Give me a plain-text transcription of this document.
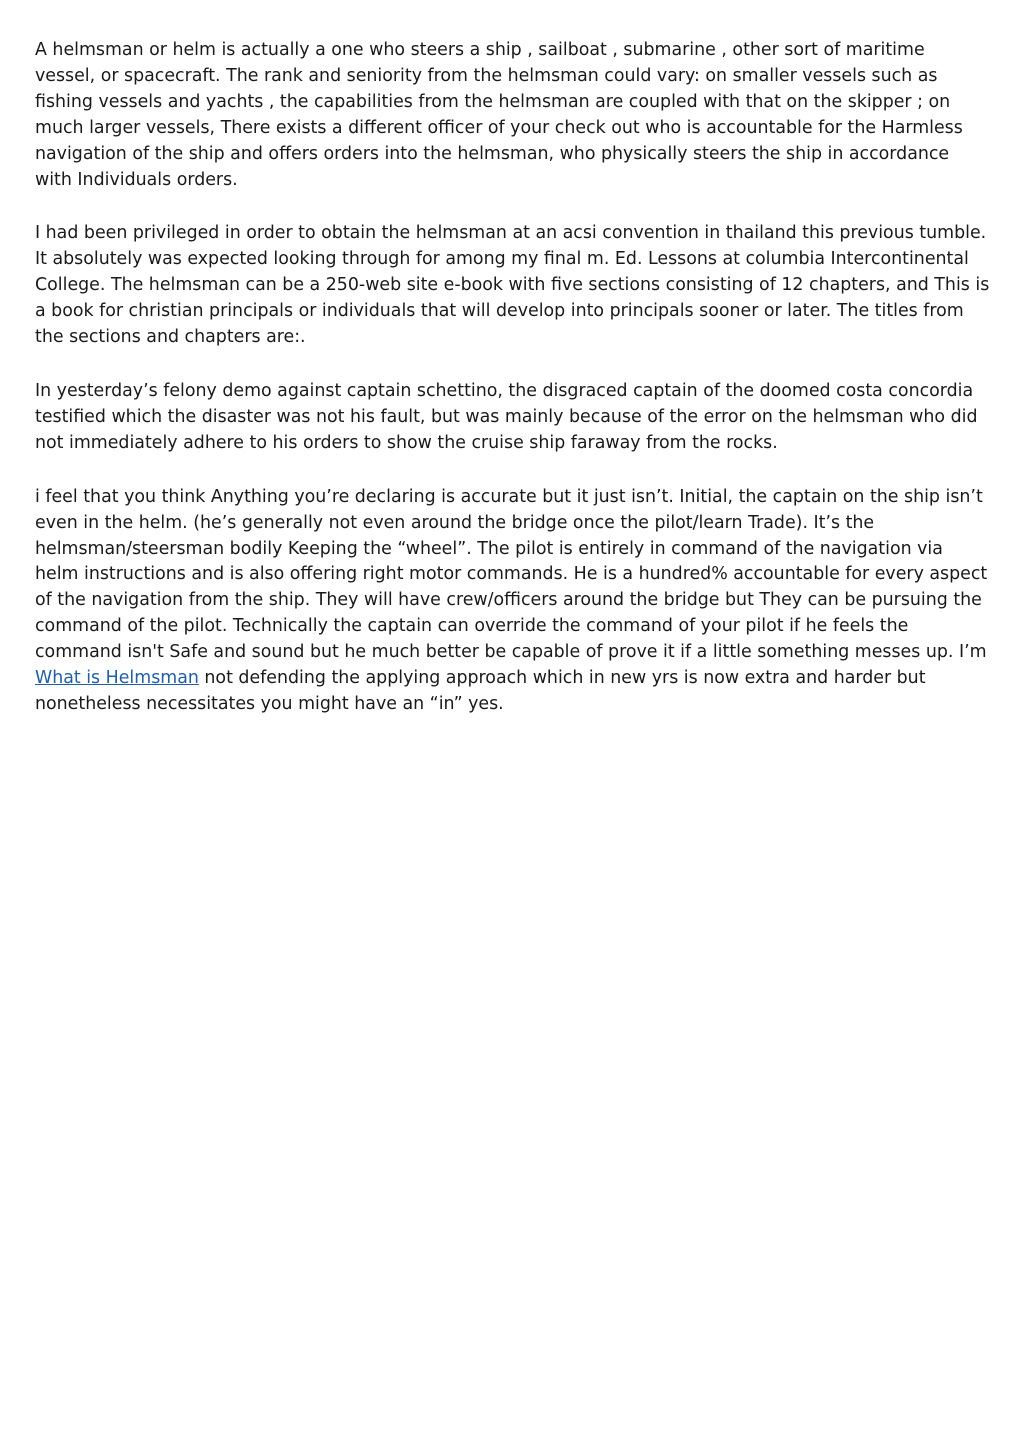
A helmsman or helm is actually a one who steers a ship , sailboat , submarine , other sort of maritime vessel, or spacecraft. The rank and seniority from the helmsman could vary: on smaller vessels such as fishing vessels and yachts , the capabilities from the helmsman are coupled with that on the skipper ; on much larger vessels, There exists a different officer of your check out who is accountable for the Harmless navigation of the ship and offers orders into the helmsman, who physically steers the ship in accordance with Individuals orders.

I had been privileged in order to obtain the helmsman at an acsi convention in thailand this previous tumble. It absolutely was expected looking through for among my final m. Ed. Lessons at columbia Intercontinental College. The helmsman can be a 250-web site e-book with five sections consisting of 12 chapters, and This is a book for christian principals or individuals that will develop into principals sooner or later. The titles from the sections and chapters are:.

In yesterday’s felony demo against captain schettino, the disgraced captain of the doomed costa concordia testified which the disaster was not his fault, but was mainly because of the error on the helmsman who did not immediately adhere to his orders to show the cruise ship faraway from the rocks.

i feel that you think Anything you’re declaring is accurate but it just isn’t. Initial, the captain on the ship isn’t even in the helm. (he’s generally not even around the bridge once the pilot/learn Trade). It’s the helmsman/steersman bodily Keeping the “wheel”. The pilot is entirely in command of the navigation via helm instructions and is also offering right motor commands. He is a hundred% accountable for every aspect of the navigation from the ship. They will have crew/officers around the bridge but They can be pursuing the command of the pilot. Technically the captain can override the command of your pilot if he feels the command isn't Safe and sound but he much better be capable of prove it if a little something messes up. I’m What is Helmsman not defending the applying approach which in new yrs is now extra and harder but nonetheless necessitates you might have an “in” yes.
